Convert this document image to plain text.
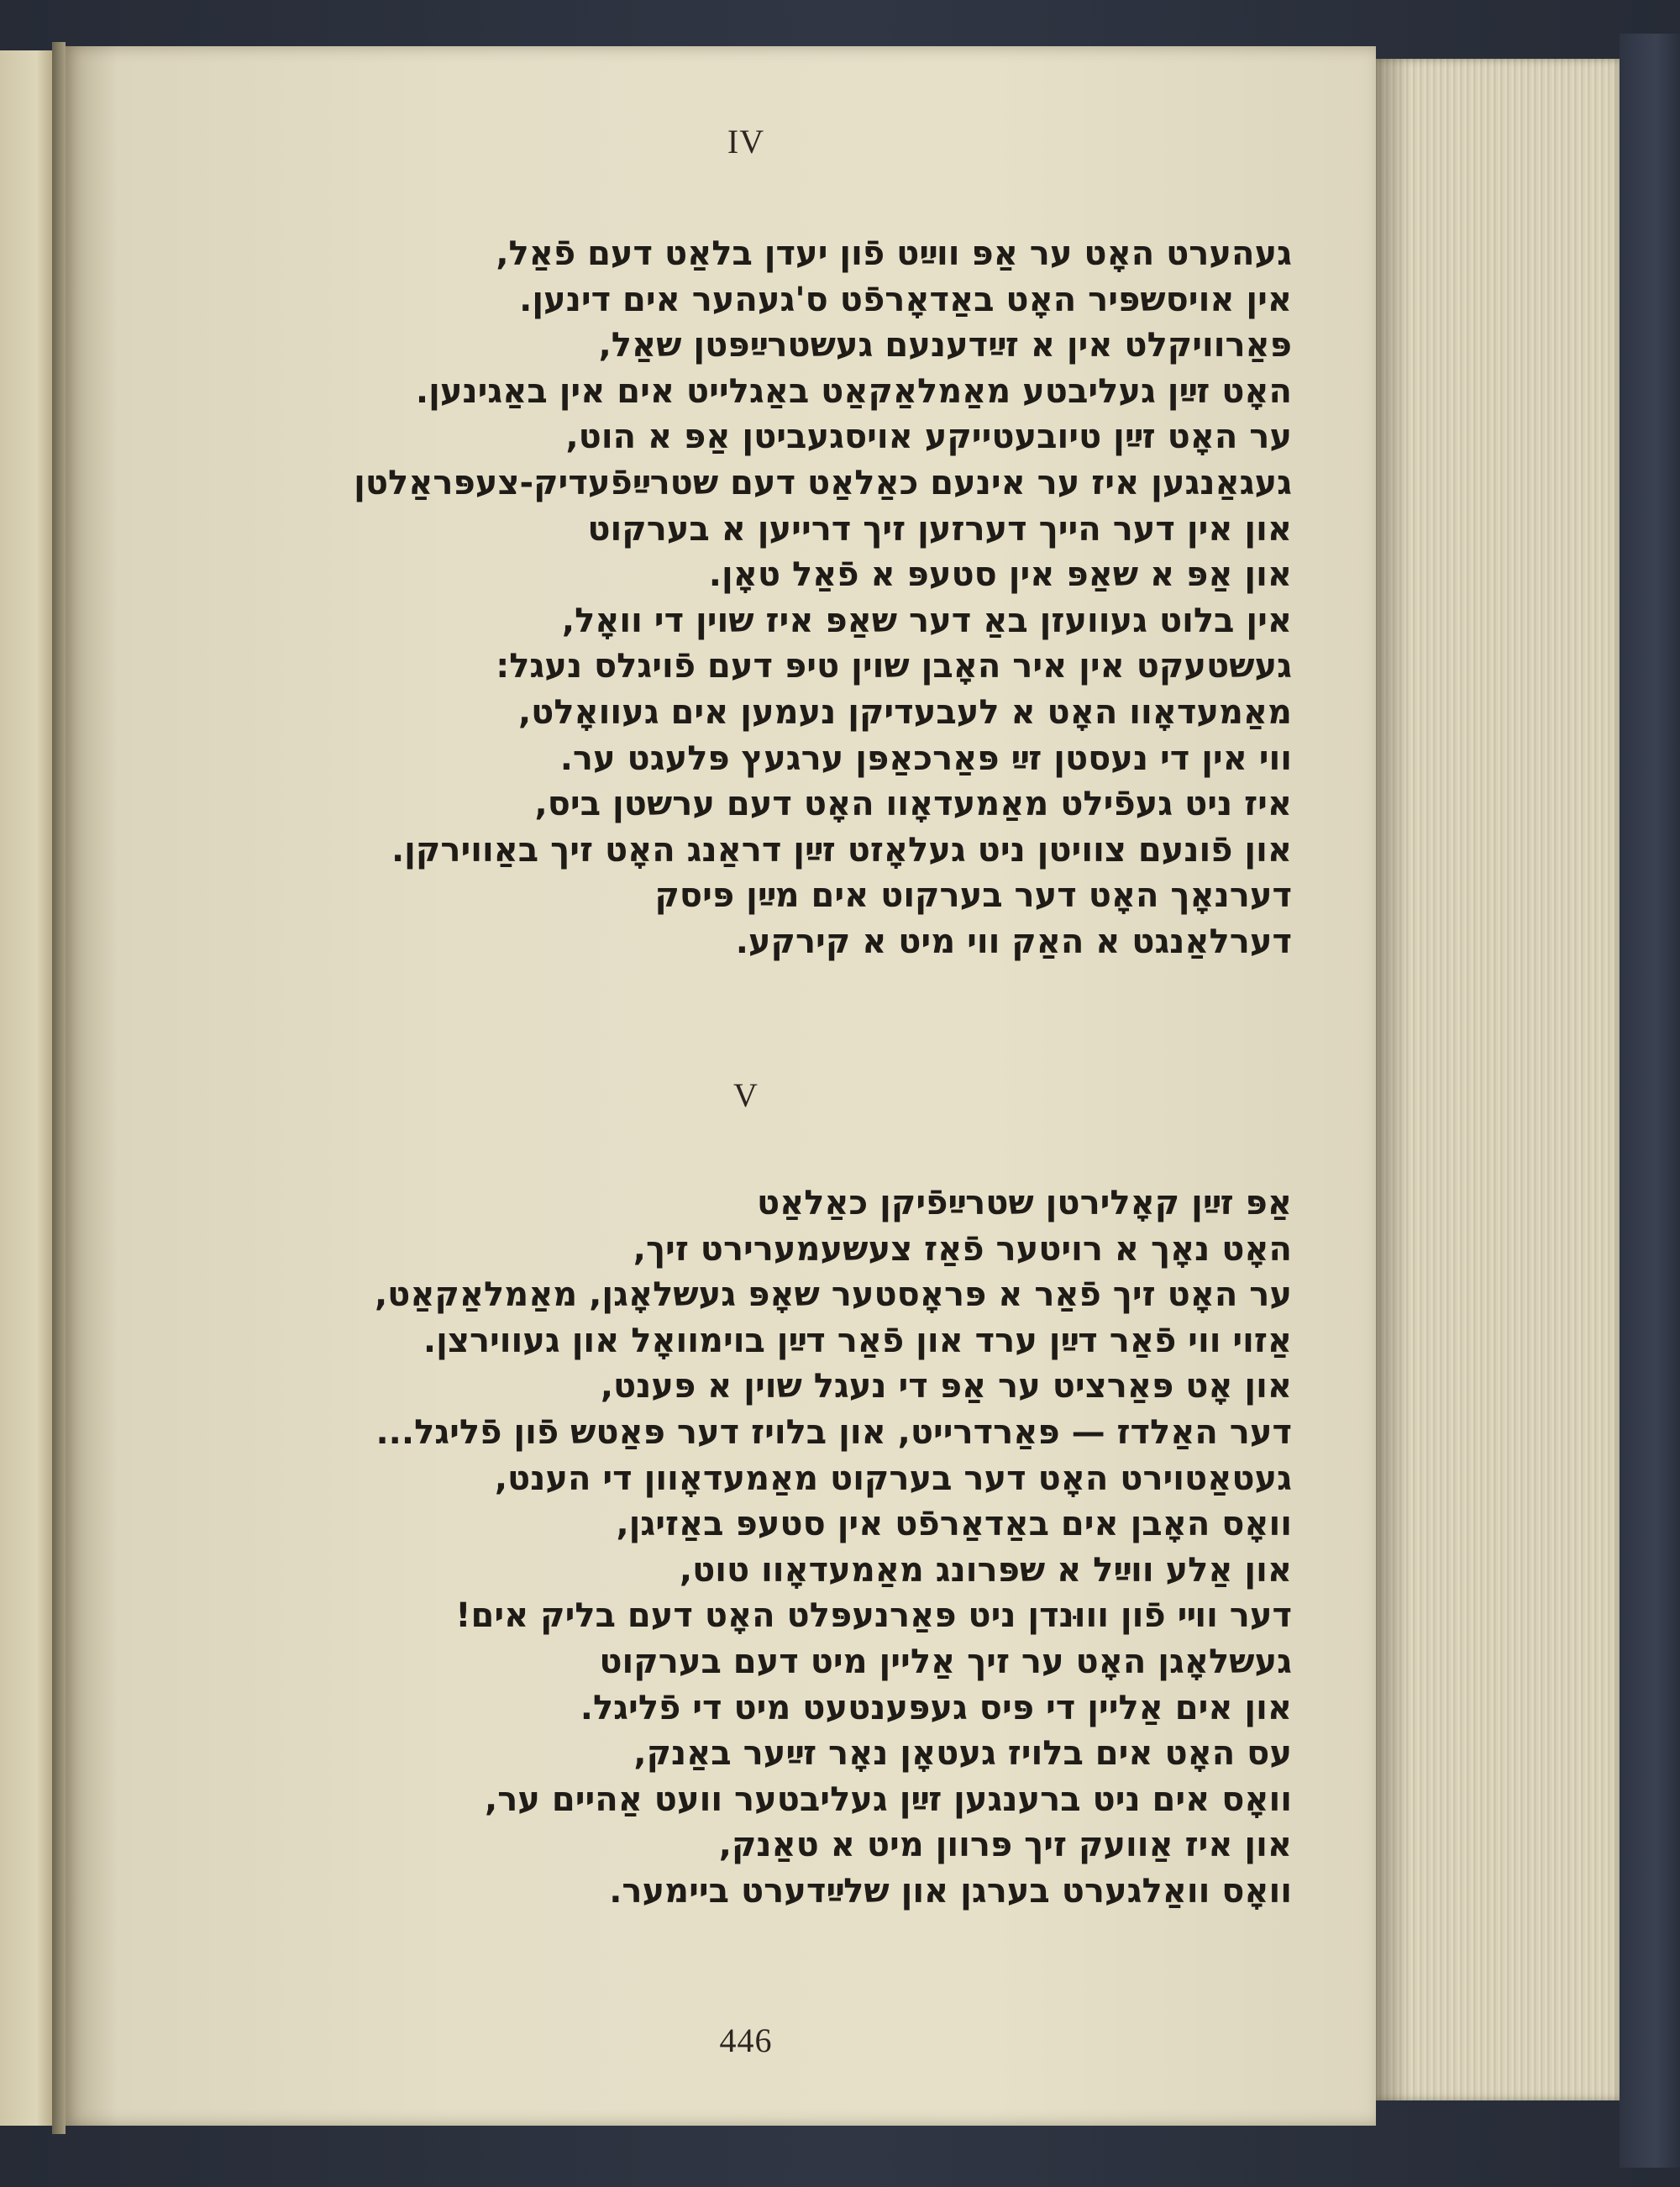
IV
געהערט האָט ער אַפּ ווײַט פֿון יעדן בלאַט דעם פֿאַל,
אין אויסשפּיר האָט באַדאָרפֿט ס'געהער אים דינען.
פּאַרוויקלט אין א זײַדענעם געשטרײַפּטן שאַל,
האָט זײַן געליבטע מאַמלאַקאַט באַגלייט אים אין באַגינען.
ער האָט זײַן טיובעטייקע אויסגעביטן אַפּ א הוט,
געגאַנגען איז ער אינעם כאַלאַט דעם שטרײַפֿעדיק-צעפּראַלטן
און אין דער הייך דערזען זיך דרייען א בערקוט
און אַפּ א שאַפּ אין סטעפּ א פֿאַל טאָן.
אין בלוט געוועזן באַ דער שאַפּ איז שוין די וואָל,
געשטעקט אין איר האָבן שוין טיפּ דעם פֿויגלס נעגל:
מאַמעדאָוו האָט א לעבעדיקן נעמען אים געוואָלט,
ווי אין די נעסטן זײַ פּאַרכאַפּן ערגעץ פּלעגט ער.
איז ניט געפֿילט מאַמעדאָוו האָט דעם ערשטן ביס,
און פֿונעם צוויטן ניט געלאָזט זײַן דראַנג האָט זיך באַווירקן.
דערנאָך האָט דער בערקוט אים מײַן פּיסק
דערלאַנגט א האַק ווי מיט א קירקע.
V
אַפּ זײַן קאָלירטן שטרײַפֿיקן כאַלאַט
האָט נאָך א רויטער פֿאַז צעשעמערירט זיך,
ער האָט זיך פֿאַר א פּראָסטער שאָפּ געשלאָגן, מאַמלאַקאַט,
אַזוי ווי פֿאַר דײַן ערד און פֿאַר דײַן בוימוואָל און געווירצן.
און אָט פּאַרציט ער אַפּ די נעגל שוין א פּענט,
דער האַלדז — פּאַרדרייט, און בלויז דער פּאַטש פֿון פֿליגל...
געטאַטוירט האָט דער בערקוט מאַמעדאָוון די הענט,
וואָס האָבן אים באַדאַרפֿט אין סטעפּ באַזיגן,
און אַלע ווײַל א שפּרונג מאַמעדאָוו טוט,
דער ווײ פֿון וווּנדן ניט פּאַרנעפּלט האָט דעם בליק אים!
געשלאָגן האָט ער זיך אַליין מיט דעם בערקוט
און אים אַליין די פּיס געפּענטעט מיט די פֿליגל.
עס האָט אים בלויז געטאָן נאָר זײַער באַנק,
וואָס אים ניט ברענגען זײַן געליבטער וועט אַהיים ער,
און איז אַוועק זיך פּרוון מיט א טאַנק,
וואָס וואַלגערט בערגן און שלײַדערט ביימער.
446
